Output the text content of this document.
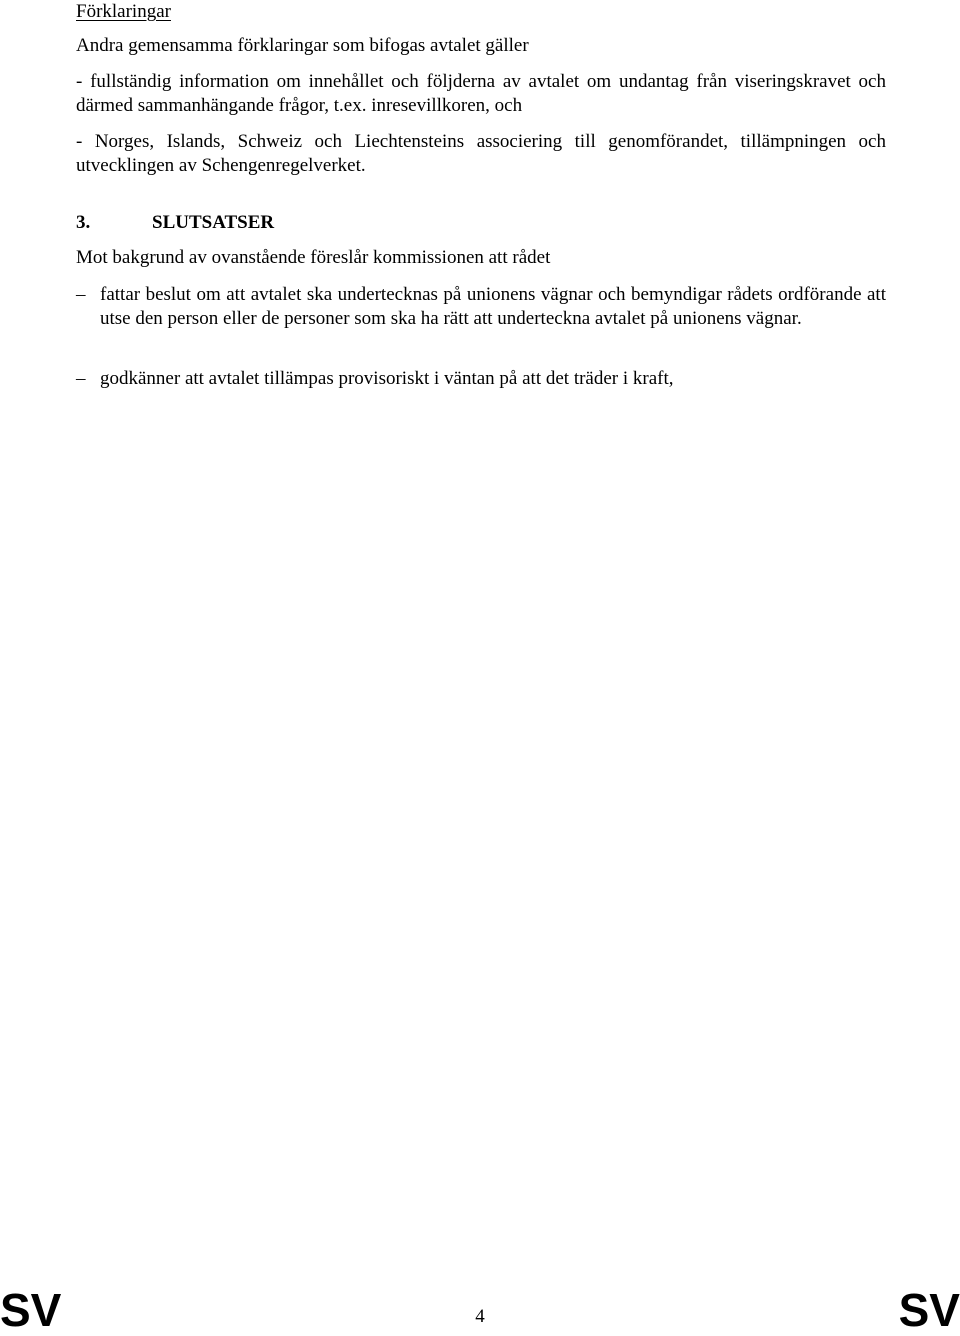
Förklaringar
Andra gemensamma förklaringar som bifogas avtalet gäller
- fullständig information om innehållet och följderna av avtalet om undantag från viseringskravet och därmed sammanhängande frågor, t.ex. inresevillkoren, och
- Norges, Islands, Schweiz och Liechtensteins associering till genomförandet, tillämpningen och utvecklingen av Schengenregelverket.
3.	SLUTSATSER
Mot bakgrund av ovanstående föreslår kommissionen att rådet
– fattar beslut om att avtalet ska undertecknas på unionens vägnar och bemyndigar rådets ordförande att utse den person eller de personer som ska ha rätt att underteckna avtalet på unionens vägnar.
– godkänner att avtalet tillämpas provisoriskt i väntan på att det träder i kraft,
SV	4	SV
